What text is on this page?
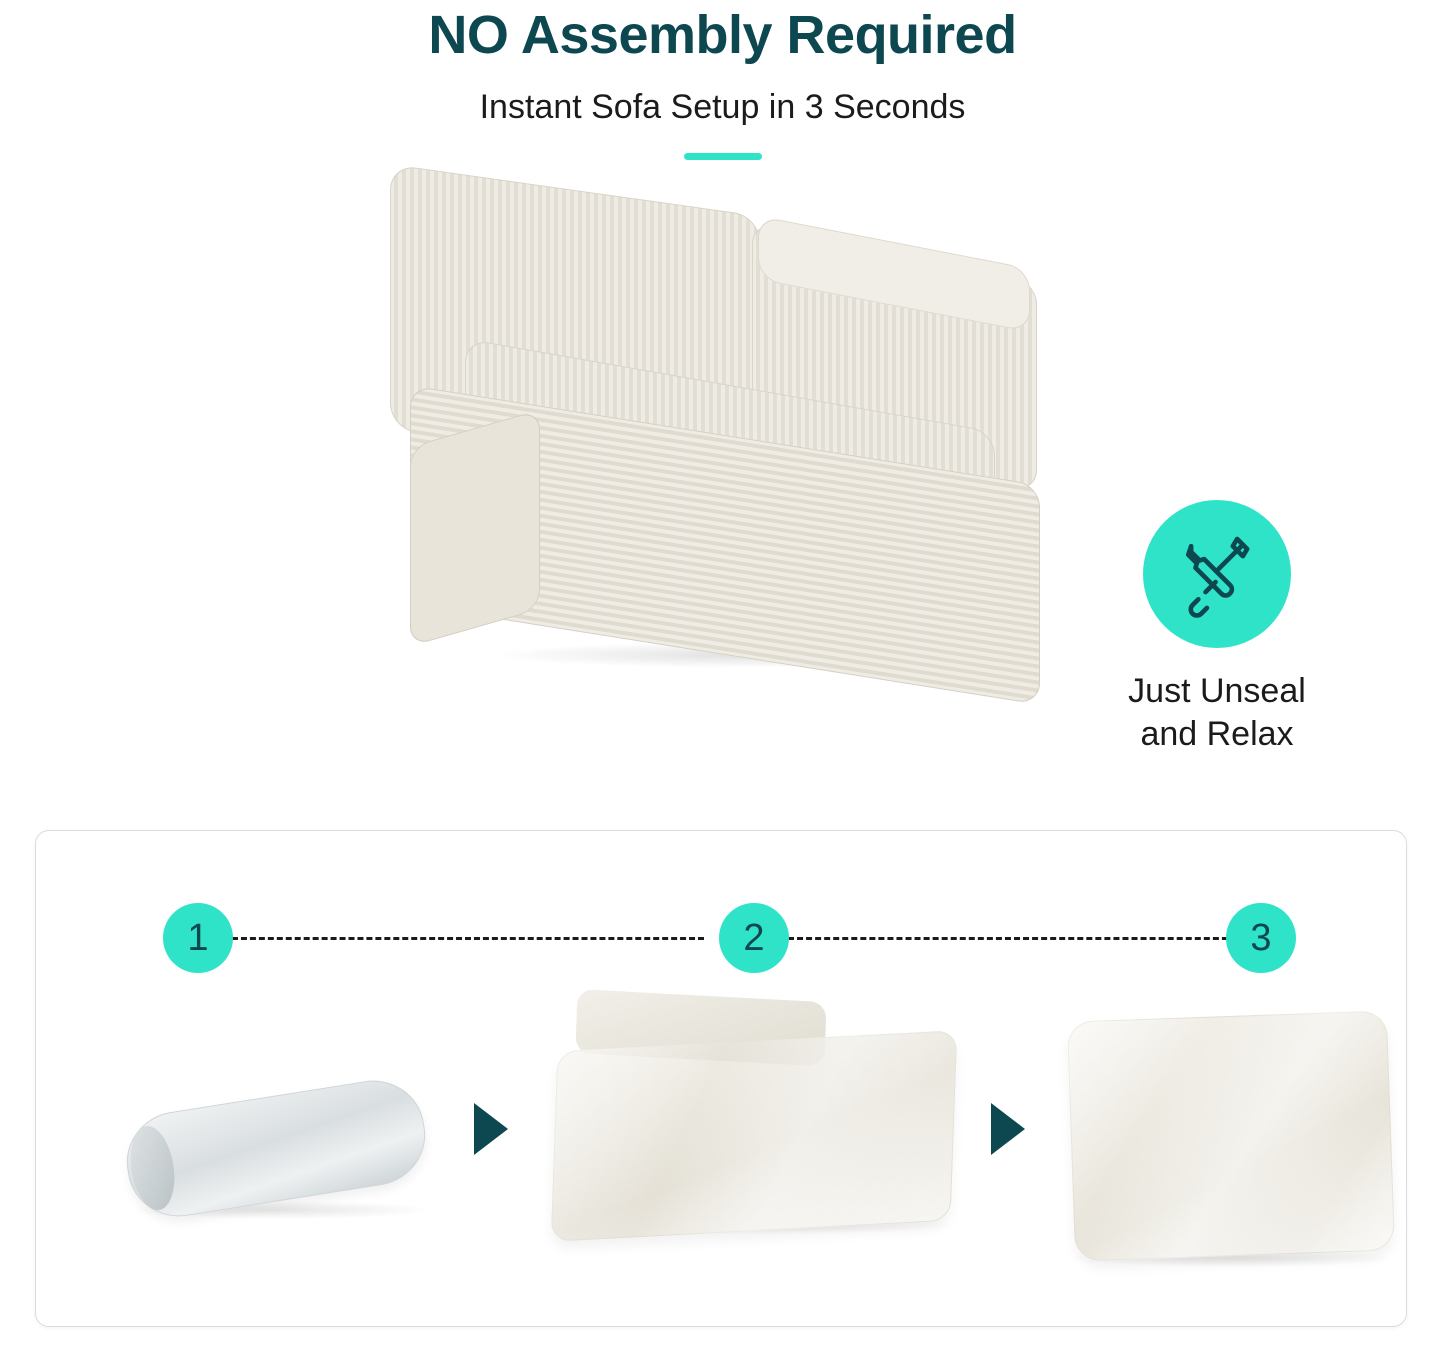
NO Assembly Required

Instant Sofa Setup in 3 Seconds

Just Unseal
and Relax
1	2	3
